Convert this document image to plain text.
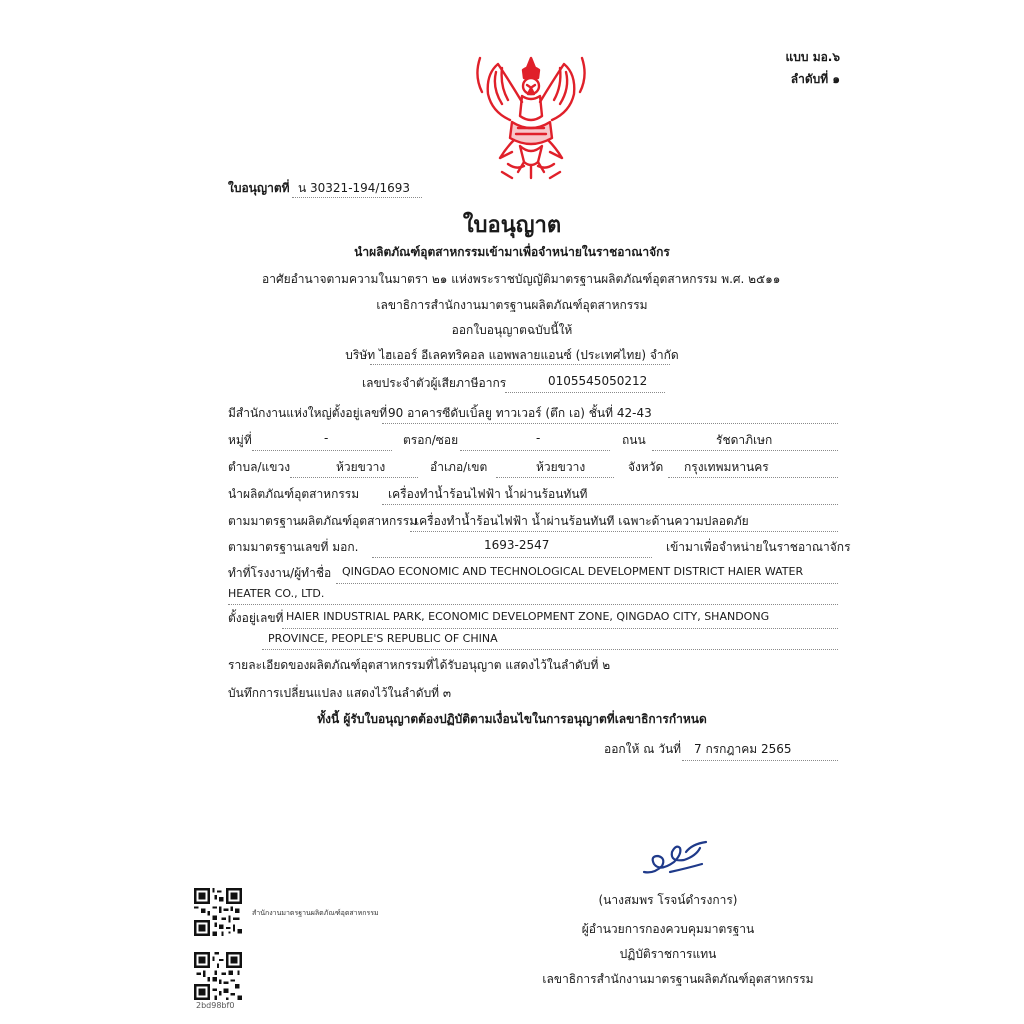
แบบ มอ.๖
ลำดับที่ ๑
ใบอนุญาตที่ น 30321-194/1693
ใบอนุญาต
นำผลิตภัณฑ์อุตสาหกรรมเข้ามาเพื่อจำหน่ายในราชอาณาจักร
อาศัยอำนาจตามความในมาตรา ๒๑ แห่งพระราชบัญญัติมาตรฐานผลิตภัณฑ์อุตสาหกรรม พ.ศ. ๒๕๑๑
เลขาธิการสำนักงานมาตรฐานผลิตภัณฑ์อุตสาหกรรม
ออกใบอนุญาตฉบับนี้ให้
บริษัท ไฮเออร์ อีเลคทริคอล แอพพลายแอนซ์ (ประเทศไทย) จำกัด
เลขประจำตัวผู้เสียภาษีอากร	0105545050212
มีสำนักงานแห่งใหญ่ตั้งอยู่เลขที่ 90 อาคารซีดับเบิ้ลยู ทาวเวอร์ (ตึก เอ) ชั้นที่ 42-43
หมู่ที่	-	ตรอก/ซอย	-	ถนน	รัชดาภิเษก
ตำบล/แขวง	ห้วยขวาง	อำเภอ/เขต	ห้วยขวาง	จังหวัด กรุงเทพมหานคร
นำผลิตภัณฑ์อุตสาหกรรม เครื่องทำน้ำร้อนไฟฟ้า น้ำผ่านร้อนทันที
ตามมาตรฐานผลิตภัณฑ์อุตสาหกรรม
เครื่องทำน้ำร้อนไฟฟ้า น้ำผ่านร้อนทันที เฉพาะด้านความปลอดภัย
ตามมาตรฐานเลขที่ มอก.	1693-2547	เข้ามาเพื่อจำหน่ายในราชอาณาจักร
ทำที่โรงงาน/ผู้ทำชื่อ QINGDAO ECONOMIC AND TECHNOLOGICAL DEVELOPMENT DISTRICT HAIER WATER
HEATER CO., LTD.
ตั้งอยู่เลขที่ HAIER INDUSTRIAL PARK, ECONOMIC DEVELOPMENT ZONE, QINGDAO CITY, SHANDONG
PROVINCE, PEOPLE'S REPUBLIC OF CHINA
รายละเอียดของผลิตภัณฑ์อุตสาหกรรมที่ได้รับอนุญาต แสดงไว้ในลำดับที่ ๒
บันทึกการเปลี่ยนแปลง แสดงไว้ในลำดับที่ ๓
ทั้งนี้ ผู้รับใบอนุญาตต้องปฏิบัติตามเงื่อนไขในการอนุญาตที่เลขาธิการกำหนด
ออกให้ ณ วันที่ 7 กรกฎาคม 2565
(นางสมพร โรจน์ดำรงการ)
ผู้อำนวยการกองควบคุมมาตรฐาน
ปฏิบัติราชการแทน
เลขาธิการสำนักงานมาตรฐานผลิตภัณฑ์อุตสาหกรรม
สำนักงานมาตรฐานผลิตภัณฑ์อุตสาหกรรม
2bd98bf0
